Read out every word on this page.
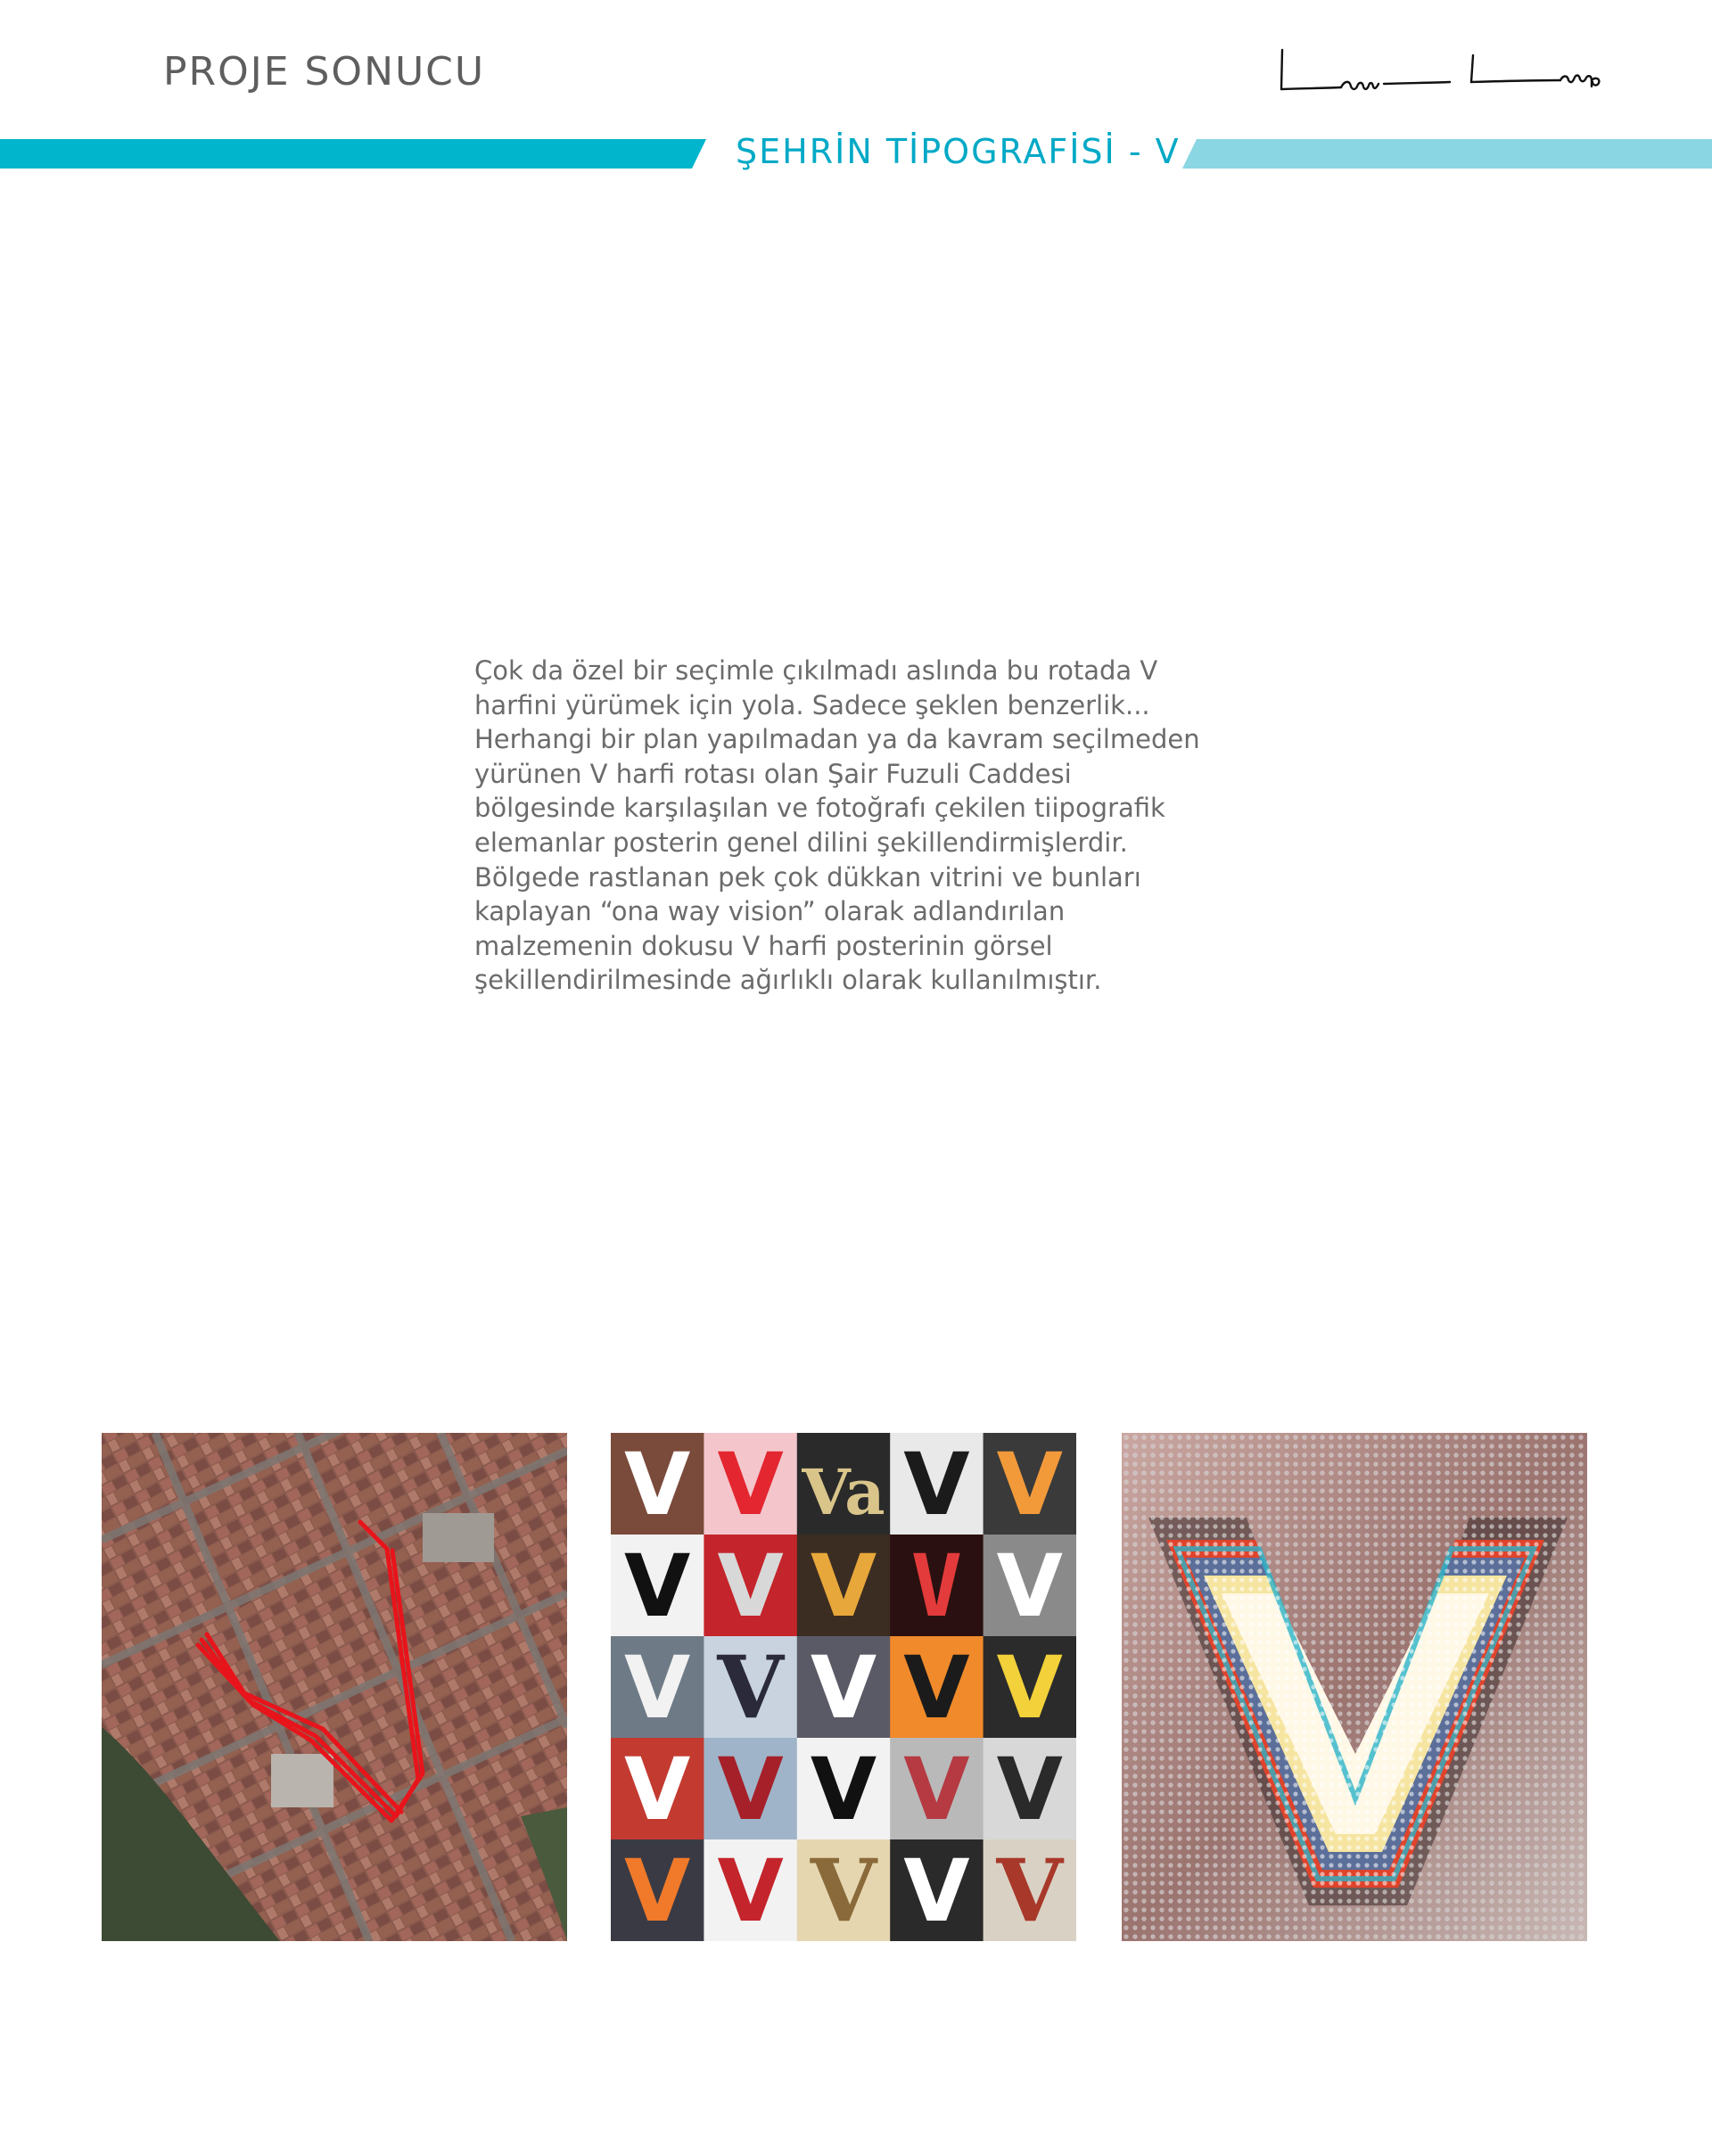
PROJE SONUCU
ŞEHRİN TİPOGRAFİSİ - V
Çok da özel bir seçimle çıkılmadı aslında bu rotada V
harfini yürümek için yola. Sadece şeklen benzerlik...
Herhangi bir plan yapılmadan ya da kavram seçilmeden
yürünen V harfi rotası olan Şair Fuzuli Caddesi
bölgesinde karşılaşılan ve fotoğrafı çekilen tiipografik
elemanlar posterin genel dilini şekillendirmişlerdir.
Bölgede rastlanan pek çok dükkan vitrini ve bunları
kaplayan “ona way vision” olarak adlandırılan
malzemenin dokusu V harfi posterinin görsel
şekillendirilmesinde ağırlıklı olarak kullanılmıştır.
V V Va V V
V V V V V
V V V V V
V V V V V
V V V V V
